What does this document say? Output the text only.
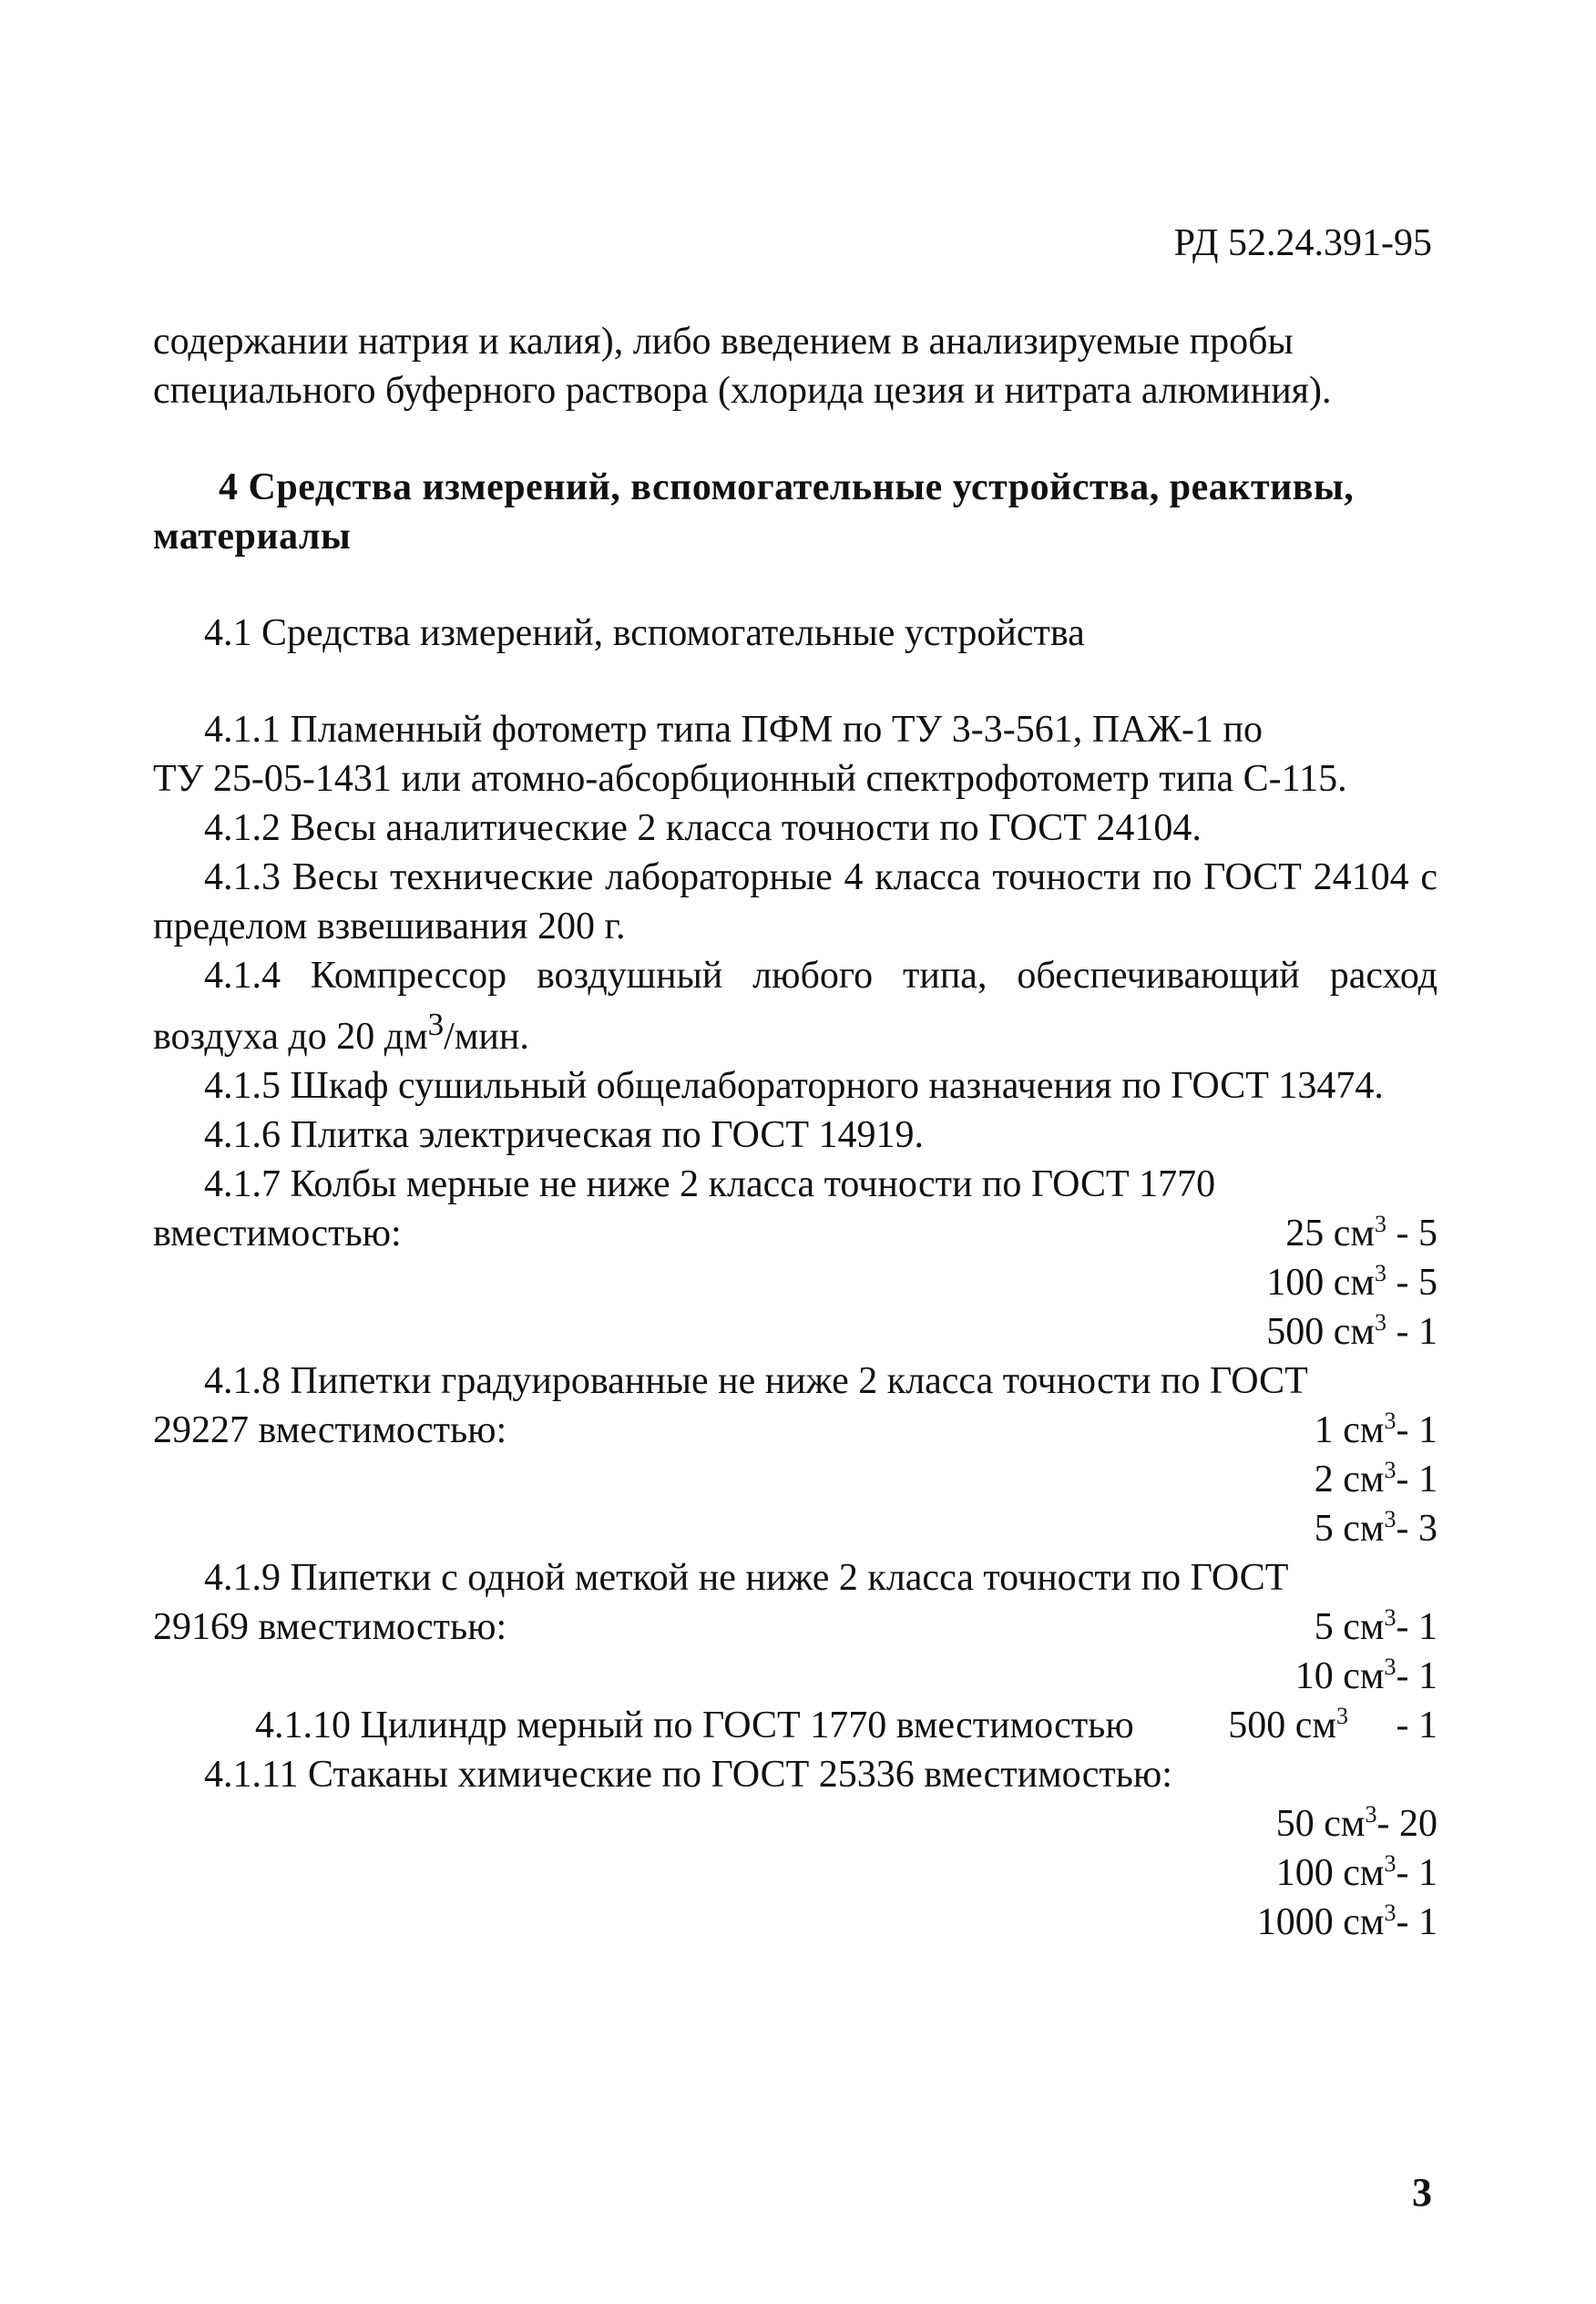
РД 52.24.391-95

содержании натрия и калия), либо введением в анализируемые пробы

специального буферного раствора (хлорида цезия и нитрата алюминия).

4 Средства измерений, вспомогательные устройства, реактивы,

материалы

4.1 Средства измерений, вспомогательные устройства

4.1.1 Пламенный фотометр типа ПФМ по ТУ 3-3-561, ПАЖ-1 по

ТУ 25-05-1431 или атомно-абсорбционный спектрофотометр типа С-115.

4.1.2 Весы аналитические 2 класса точности по ГОСТ 24104.

4.1.3 Весы технические лабораторные 4 класса точности по ГОСТ 24104 с пределом взвешивания 200 г.

4.1.4 Компрессор воздушный любого типа, обеспечивающий расход воздуха до 20 $дм^3$/мин.

4.1.5 Шкаф сушильный общелабораторного назначения по ГОСТ 13474.

4.1.6 Плитка электрическая по ГОСТ 14919.

4.1.7 Колбы мерные не ниже 2 класса точности по ГОСТ 1770

вместимостью:	25 $см^3 - 5$

100 $см^3 - 5$

500 $см^3 - 1$

4.1.8 Пипетки градуированные не ниже 2 класса точности по ГОСТ

29227 вместимостью:	1 $см^3-$ 1

2 $см^3-$ 1

5 $см^3-$ 3

4.1.9 Пипетки с одной меткой не ниже 2 класса точности по ГОСТ

29169 вместимостью:	5 $см^3-$ 1

10 $см^3-$ 1

4.1.10 Цилиндр мерный по ГОСТ 1770 вместимостью	500 $см^3 - 1$

4.1.11 Стаканы химические по ГОСТ 25336 вместимостью:

50 $см^3-$ 20

100 $см^3-$ 1

1000 $см^3-$ 1

3
